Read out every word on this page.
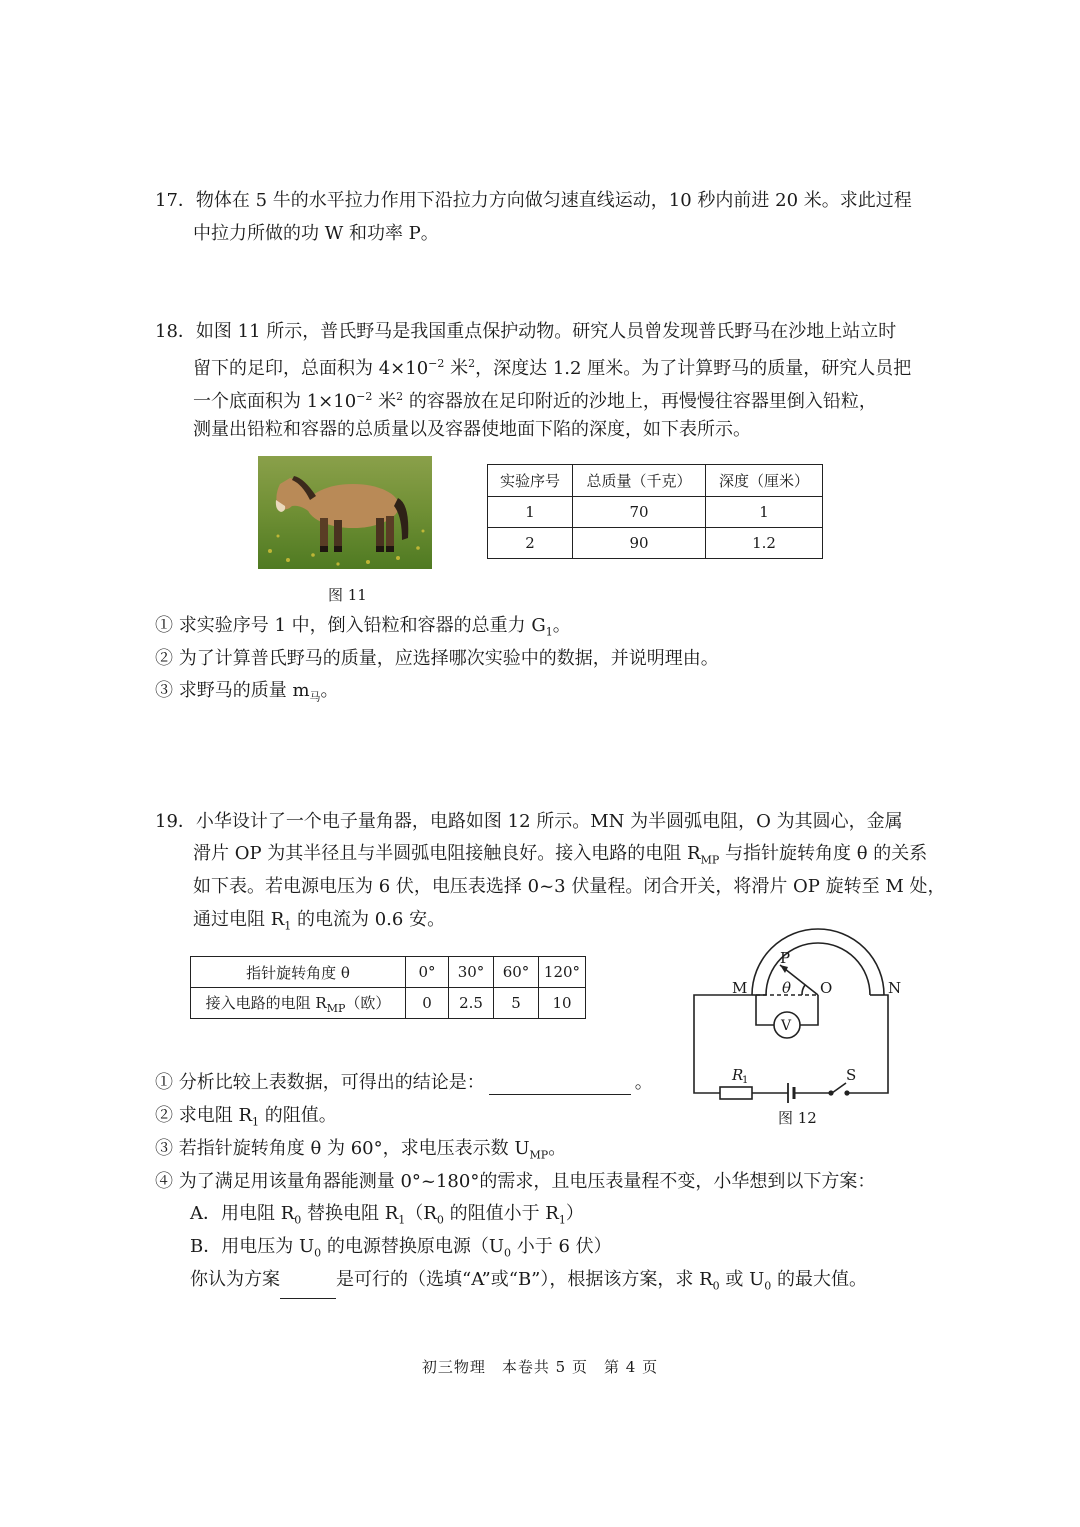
17．物体在 5 牛的水平拉力作用下沿拉力方向做匀速直线运动，10 秒内前进 20 米。求此过程
中拉力所做的功 W 和功率 P。
18．如图 11 所示，普氏野马是我国重点保护动物。研究人员曾发现普氏野马在沙地上站立时
留下的足印，总面积为 $4\times 10^{-2}$ 米$^2$，深度达 1.2 厘米。为了计算野马的质量，研究人员把
一个底面积为 $1\times 10^{-2}$ 米$^2$ 的容器放在足印附近的沙地上，再慢慢往容器里倒入铅粒，
测量出铅粒和容器的总质量以及容器使地面下陷的深度，如下表所示。
图 11
实验序号	总质量（千克）	深度（厘米）
1	70	1
2	90	1.2
① 求实验序号 1 中，倒入铅粒和容器的总重力 $G_1$。
② 为了计算普氏野马的质量，应选择哪次实验中的数据，并说明理由。
③ 求野马的质量 $m_马$。
19．小华设计了一个电子量角器，电路如图 12 所示。MN 为半圆弧电阻，O 为其圆心，金属
滑片 OP 为其半径且与半圆弧电阻接触良好。接入电路的电阻 $R_{MP}$ 与指针旋转角度 θ 的关系
如下表。若电源电压为 6 伏，电压表选择 0~3 伏量程。闭合开关，将滑片 OP 旋转至 M 处，
通过电阻 $R_1$ 的电流为 0.6 安。
指针旋转角度 θ	0°	30°	60°	120°
接入电路的电阻 $R_{MP}$（欧）	0	2.5	5	10
M	N
O
P
θ
V
R
1	S
图 12
① 分析比较上表数据，可得出的结论是：	。
② 求电阻 $R_1$ 的阻值。
③ 若指针旋转角度 θ 为 60°，求电压表示数 $U_{MP}$。
④ 为了满足用该量角器能测量 0°~180°的需求，且电压表量程不变，小华想到以下方案：
A．用电阻 $R_0$ 替换电阻 $R_1(R_0$ 的阻值小于 $R_1$）
B．用电压为 $U_0$ 的电源替换原电源（$U_0$ 小于 6 伏）
你认为方案	是可行的（选填“A”或“B”），根据该方案，求 $R_0$ 或 $U_0$ 的最大值。
初三物理　本卷共 5 页　第 4 页
